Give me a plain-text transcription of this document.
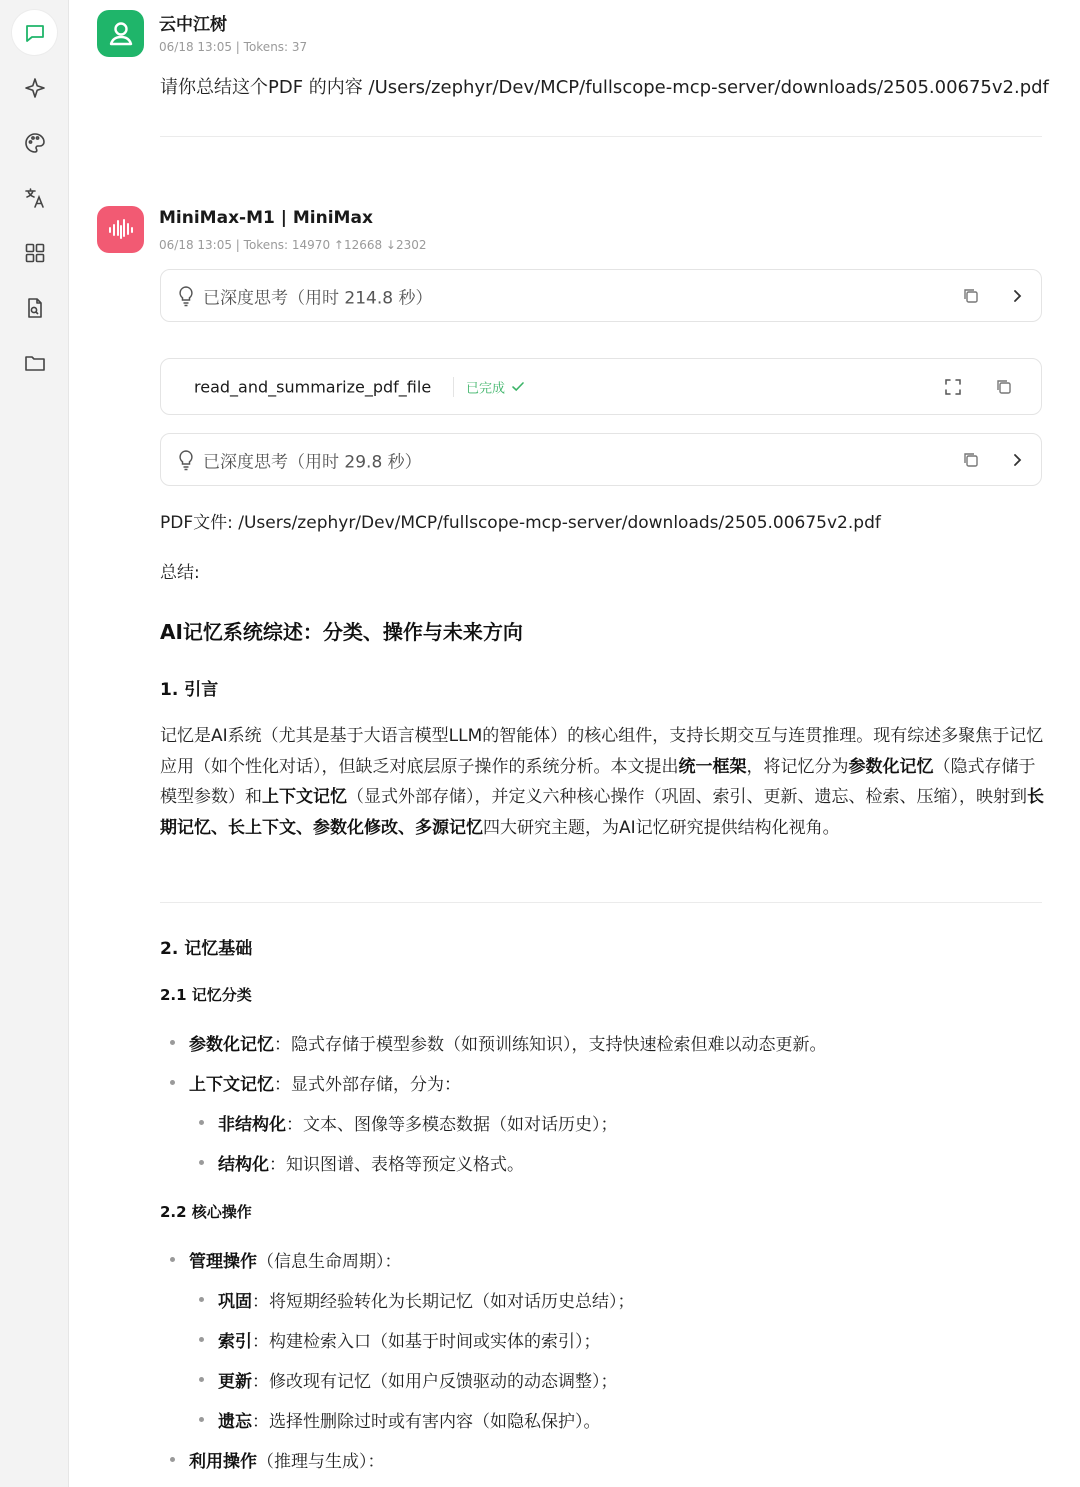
云中江树
06/18 13:05 | Tokens: 37
请你总结这个PDF 的内容 /Users/zephyr/Dev/MCP/fullscope-mcp-server/downloads/2505.00675v2.pdf
MiniMax-M1 | MiniMax
06/18 13:05 | Tokens: 14970 ↑12668 ↓2302
已深度思考（用时 214.8 秒）
read_and_summarize_pdf_file	已完成
已深度思考（用时 29.8 秒）
PDF文件: /Users/zephyr/Dev/MCP/fullscope-mcp-server/downloads/2505.00675v2.pdf
总结:
AI记忆系统综述：分类、操作与未来方向
1. 引言
记忆是AI系统（尤其是基于大语言模型LLM的智能体）的核心组件，支持长期交互与连贯推理。现有综述多聚焦于记忆应用（如个性化对话），但缺乏对底层原子操作的系统分析。本文提出统一框架，将记忆分为参数化记忆（隐式存储于模型参数）和上下文记忆（显式外部存储），并定义六种核心操作（巩固、索引、更新、遗忘、检索、压缩），映射到长期记忆、长上下文、参数化修改、多源记忆四大研究主题，为AI记忆研究提供结构化视角。
2. 记忆基础
2.1 记忆分类
参数化记忆 ：隐式存储于模型参数（如预训练知识），支持快速检索但难以动态更新。
上下文记忆 ：显式外部存储，分为：
非结构化 ：文本、图像等多模态数据（如对话历史）；
结构化 ：知识图谱、表格等预定义格式。
2.2 核心操作
管理操作 （信息生命周期）：
巩固 ：将短期经验转化为长期记忆（如对话历史总结）；
索引 ：构建检索入口（如基于时间或实体的索引）；
更新 ：修改现有记忆（如用户反馈驱动的动态调整）；
遗忘 ：选择性删除过时或有害内容（如隐私保护）。
利用操作 （推理与生成）：
